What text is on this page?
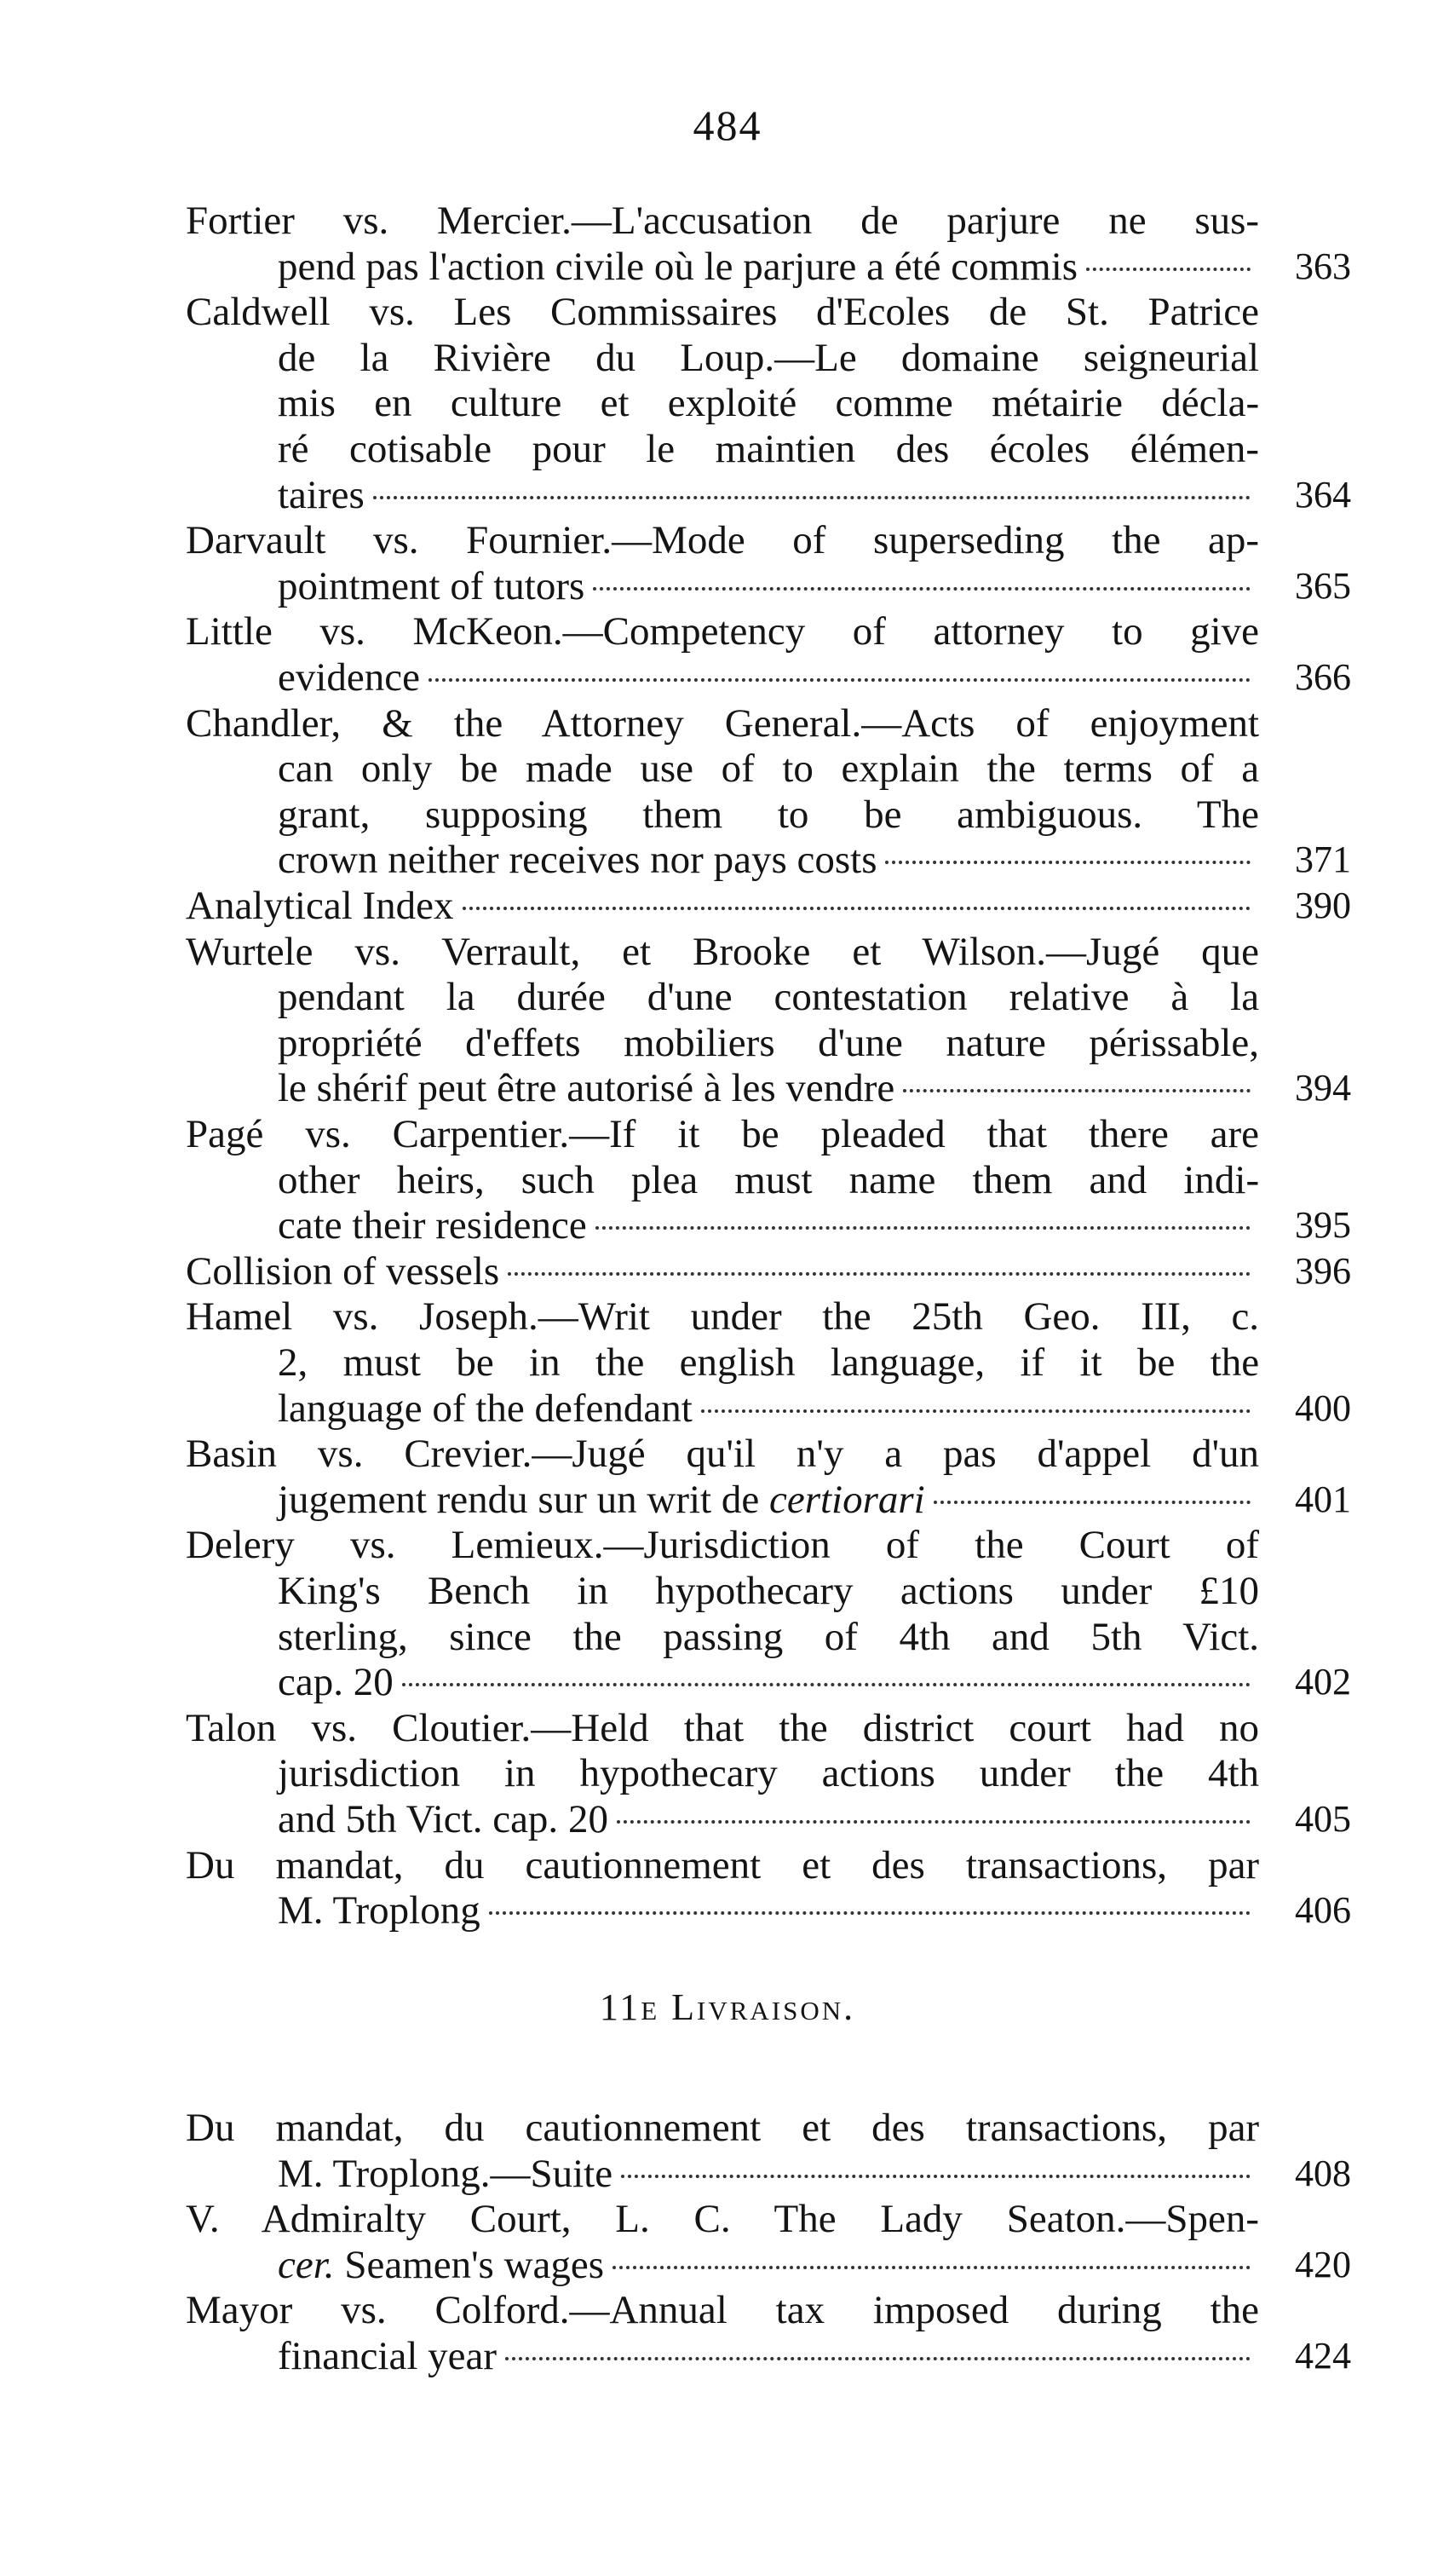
484
Fortier vs. Mercier.—L'accusation de parjure ne sus-
pend pas l'action civile où le parjure a été commis	363
Caldwell vs. Les Commissaires d'Ecoles de St. Patrice
de la Rivière du Loup.—Le domaine seigneurial
mis en culture et exploité comme métairie décla-
ré cotisable pour le maintien des écoles élémen-
taires	364
Darvault vs. Fournier.—Mode of superseding the ap-
pointment of tutors	365
Little vs. McKeon.—Competency of attorney to give
evidence	366
Chandler, & the Attorney General.—Acts of enjoyment
can only be made use of to explain the terms of a
grant, supposing them to be ambiguous. The
crown neither receives nor pays costs	371
Analytical Index	390
Wurtele vs. Verrault, et Brooke et Wilson.—Jugé que
pendant la durée d'une contestation relative à la
propriété d'effets mobiliers d'une nature périssable,
le shérif peut être autorisé à les vendre	394
Pagé vs. Carpentier.—If it be pleaded that there are
other heirs, such plea must name them and indi-
cate their residence	395
Collision of vessels	396
Hamel vs. Joseph.—Writ under the 25th Geo. III, c.
2, must be in the english language, if it be the
language of the defendant	400
Basin vs. Crevier.—Jugé qu'il n'y a pas d'appel d'un
jugement rendu sur un writ de certiorari	401
Delery vs. Lemieux.—Jurisdiction of the Court of
King's Bench in hypothecary actions under £10
sterling, since the passing of 4th and 5th Vict.
cap. 20	402
Talon vs. Cloutier.—Held that the district court had no
jurisdiction in hypothecary actions under the 4th
and 5th Vict. cap. 20	405
Du mandat, du cautionnement et des transactions, par
M. Troplong	406
11e Livraison.
Du mandat, du cautionnement et des transactions, par
M. Troplong.—Suite	408
V. Admiralty Court, L. C. The Lady Seaton.—Spen-
cer. Seamen's wages	420
Mayor vs. Colford.—Annual tax imposed during the
financial year	424
